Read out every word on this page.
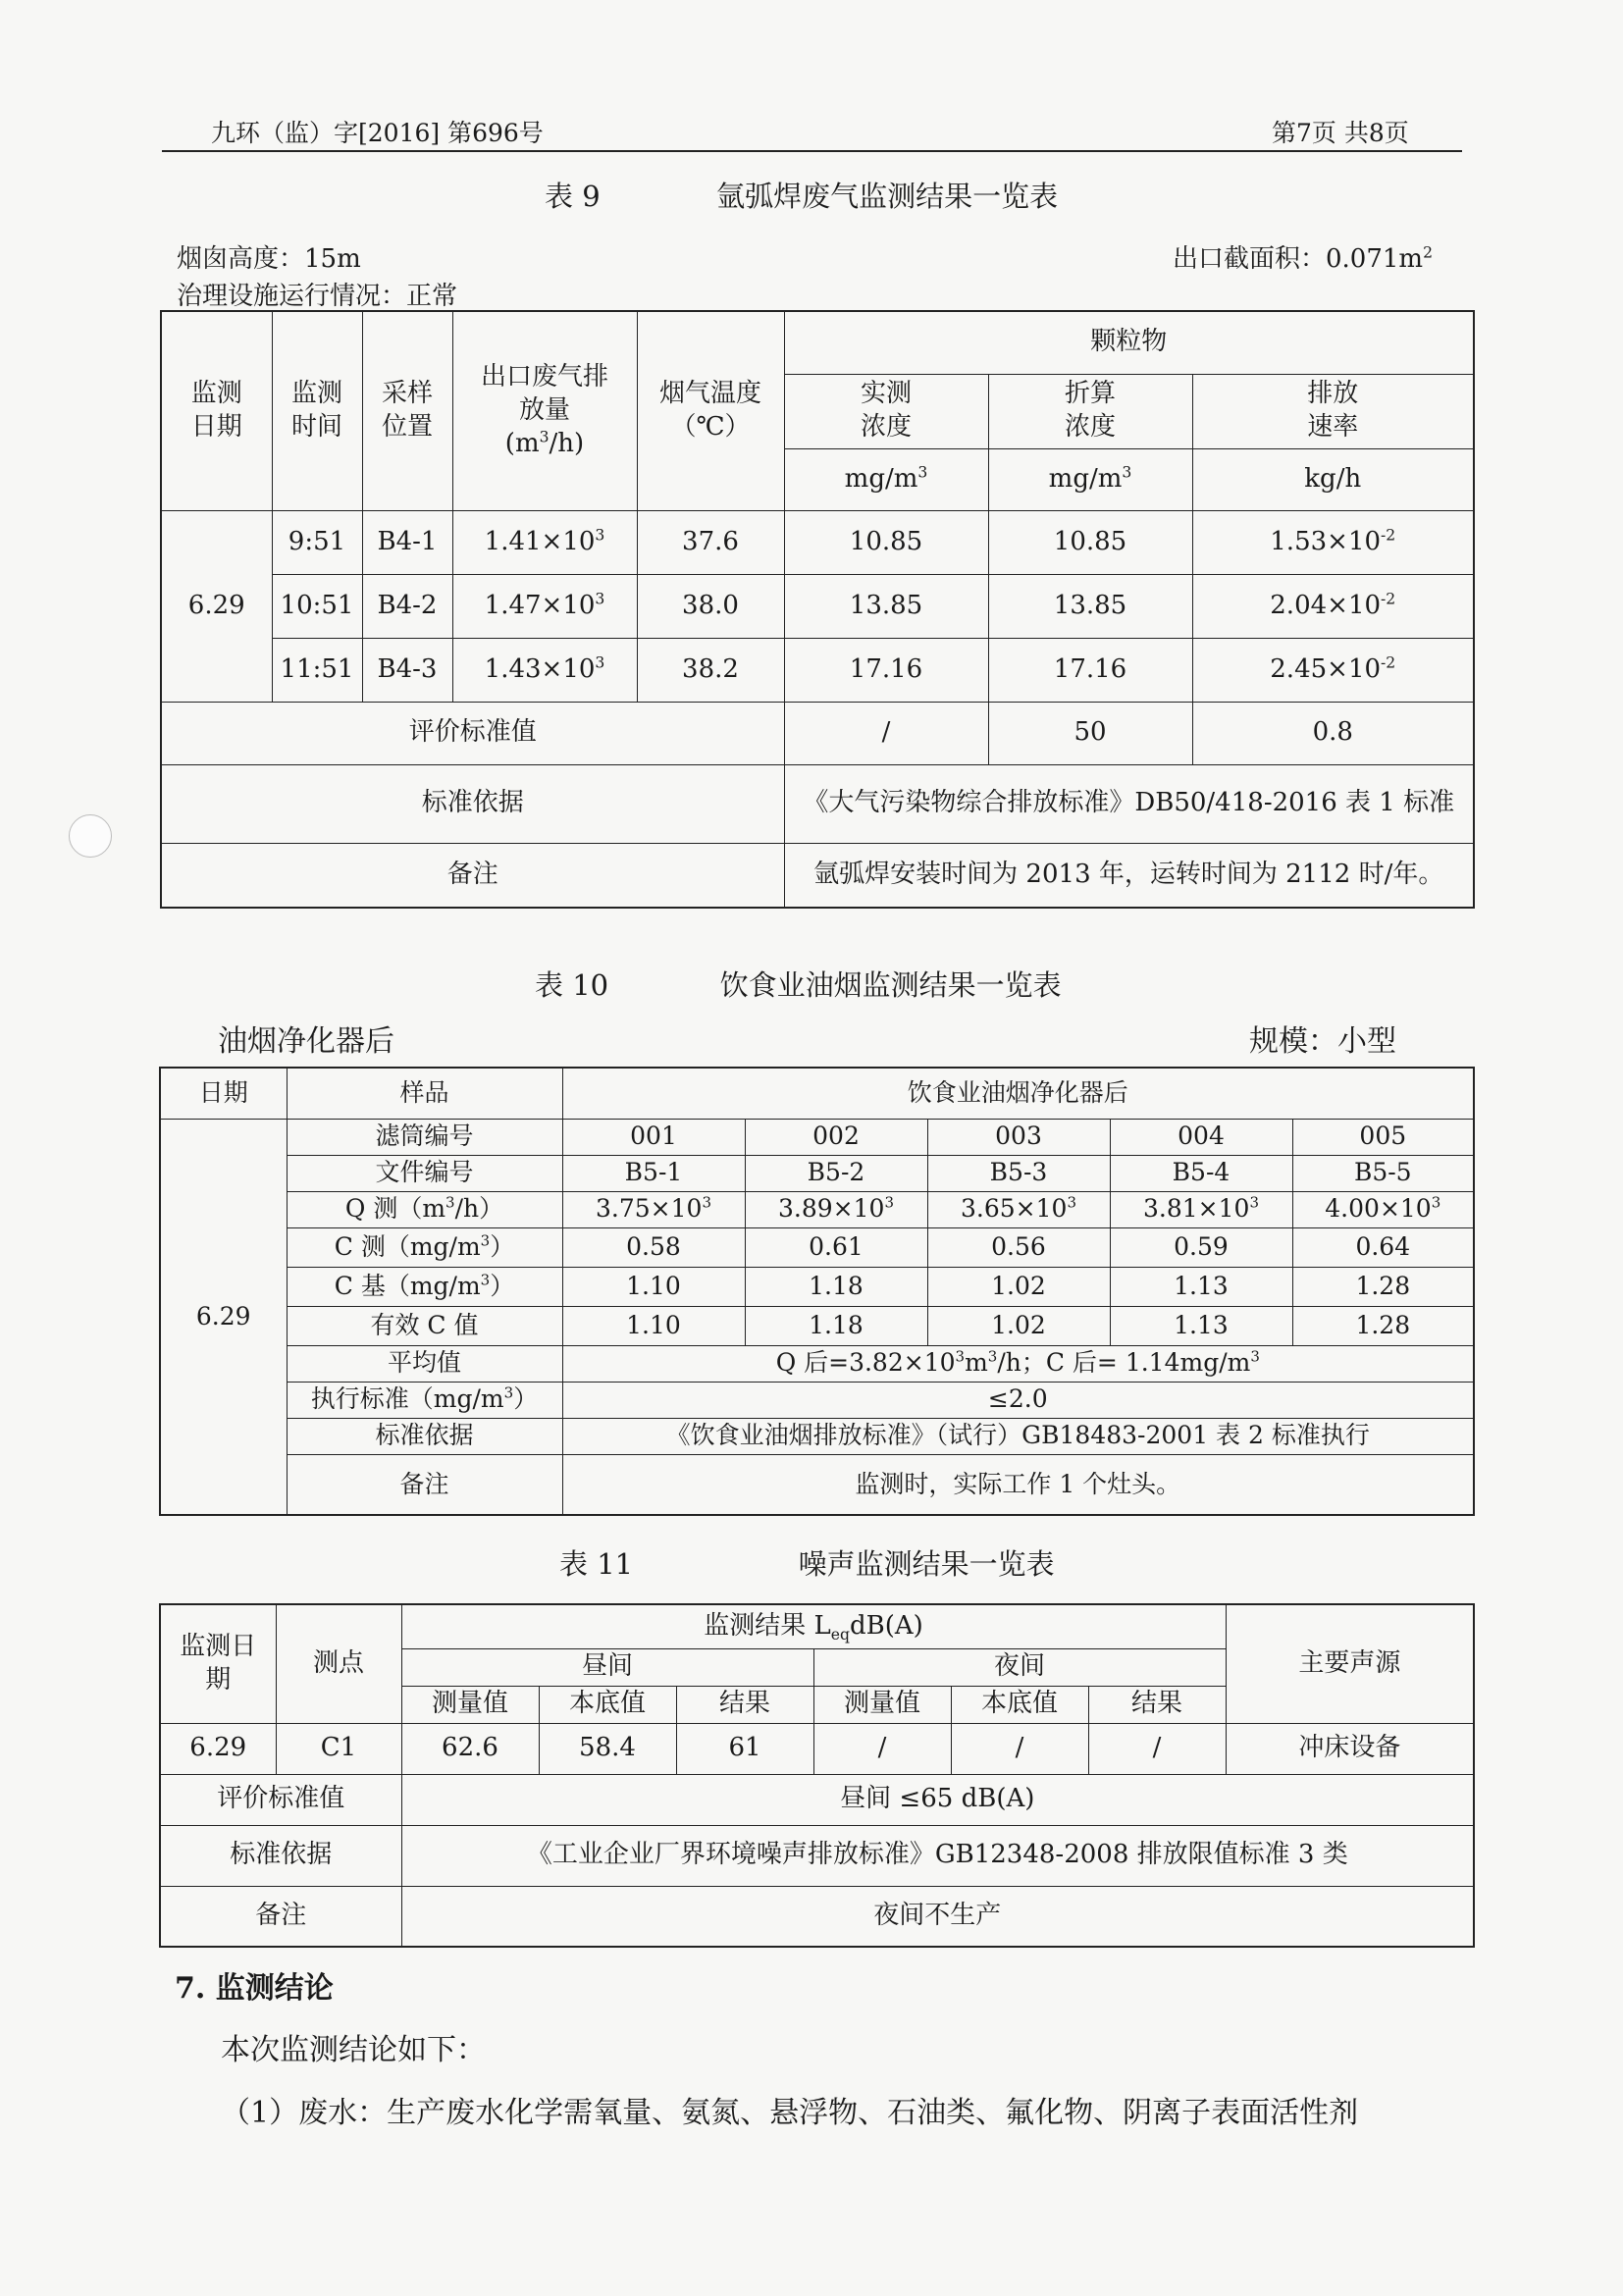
九环（监）字[2016] 第696号	第7页 共8页
表 9	氩弧焊废气监测结果一览表
烟囱高度：15m	出口截面积：$0.071m^2$
治理设施运行情况：正常
监测日期	监测时间	采样位置	出口废气排放量$(m^3/h)$	烟气温度（℃）	颗粒物		

					实测浓度	折算浓度	排放速率

					$mg/m^3$	$mg/m^3$	kg/h
6.29	9:51	B4-1	$1.41\times 10^3$	37.6	10.85	10.85	$1.53\times 10^{-2}$
	10:51	B4-2	$1.47\times 10^3$	38.0	13.85	13.85	$2.04\times 10^{-2}$
	11:51	B4-3	$1.43\times 10^3$	38.2	17.16	17.16	$2.45\times 10^{-2}$
评价标准值					/	50	0.8
标准依据					《大气污染物综合排放标准》DB50/418-2016 表 1 标准		
备注					氩弧焊安装时间为 2013 年，运转时间为 2112 时/年。		
表 10	饮食业油烟监测结果一览表
油烟净化器后	规模：小型
日期	样品	饮食业油烟净化器后				
6.29	滤筒编号	001	002	003	004	005
	文件编号	B5-1	B5-2	B5-3	B5-4	B5-5
	Q 测$(m^3/h)$	$3.75\times 10^3$	$3.89\times 10^3$	$3.65\times 10^3$	$3.81\times 10^3$	$4.00\times 10^3$
	C 测$(mg/m^3)$	0.58	0.61	0.56	0.59	0.64
	C 基$(mg/m^3)$	1.10	1.18	1.02	1.13	1.28
	有效 C 值	1.10	1.18	1.02	1.13	1.28
	平均值	Q 后$=3.82\times 10^3m^3/h$；C 后= $1.14mg/m^3$
	执行标准$(mg/m^3)$	≤2.0				
	标准依据	《饮食业油烟排放标准》（试行）GB18483-2001 表 2 标准执行				
	备注	监测时，实际工作 1 个灶头。				
表 11	噪声监测结果一览表
监测日期	测点	监测结果 $L_{eq}dB(A)$						主要声源
		昼间			夜间			
		测量值	本底值	结果	测量值	本底值	结果	
6.29	C1	62.6	58.4	61	/	/	/	冲床设备
评价标准值		昼间 ≤65 dB(A)						
标准依据		《工业企业厂界环境噪声排放标准》GB12348-2008 排放限值标准 3 类						
备注		夜间不生产						
7. 监测结论
本次监测结论如下：
（1）废水：生产废水化学需氧量、氨氮、悬浮物、石油类、氟化物、阴离子表面活性剂
